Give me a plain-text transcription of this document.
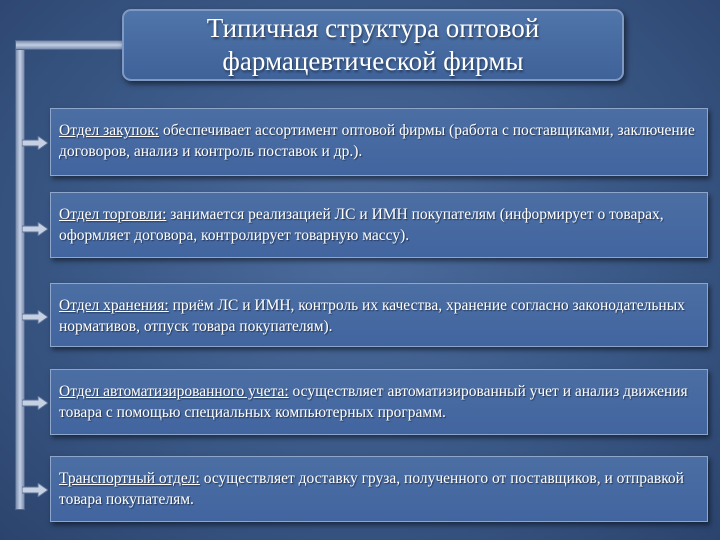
Типичная структура оптовой
фармацевтической фирмы
Отдел закупок: обеспечивает ассортимент оптовой фирмы (работа с поставщиками, заключение договоров, анализ и контроль поставок и др.).
Отдел торговли: занимается реализацией ЛС и ИМН покупателям (информирует о товарах, оформляет договора, контролирует товарную массу).
Отдел хранения: приём ЛС и ИМН, контроль их качества, хранение согласно законодательных нормативов, отпуск товара покупателям).
Отдел автоматизированного учета: осуществляет автоматизированный учет и анализ движения товара с помощью специальных компьютерных программ.
Транспортный отдел: осуществляет доставку груза, полученного от поставщиков, и отправкой товара покупателям.
